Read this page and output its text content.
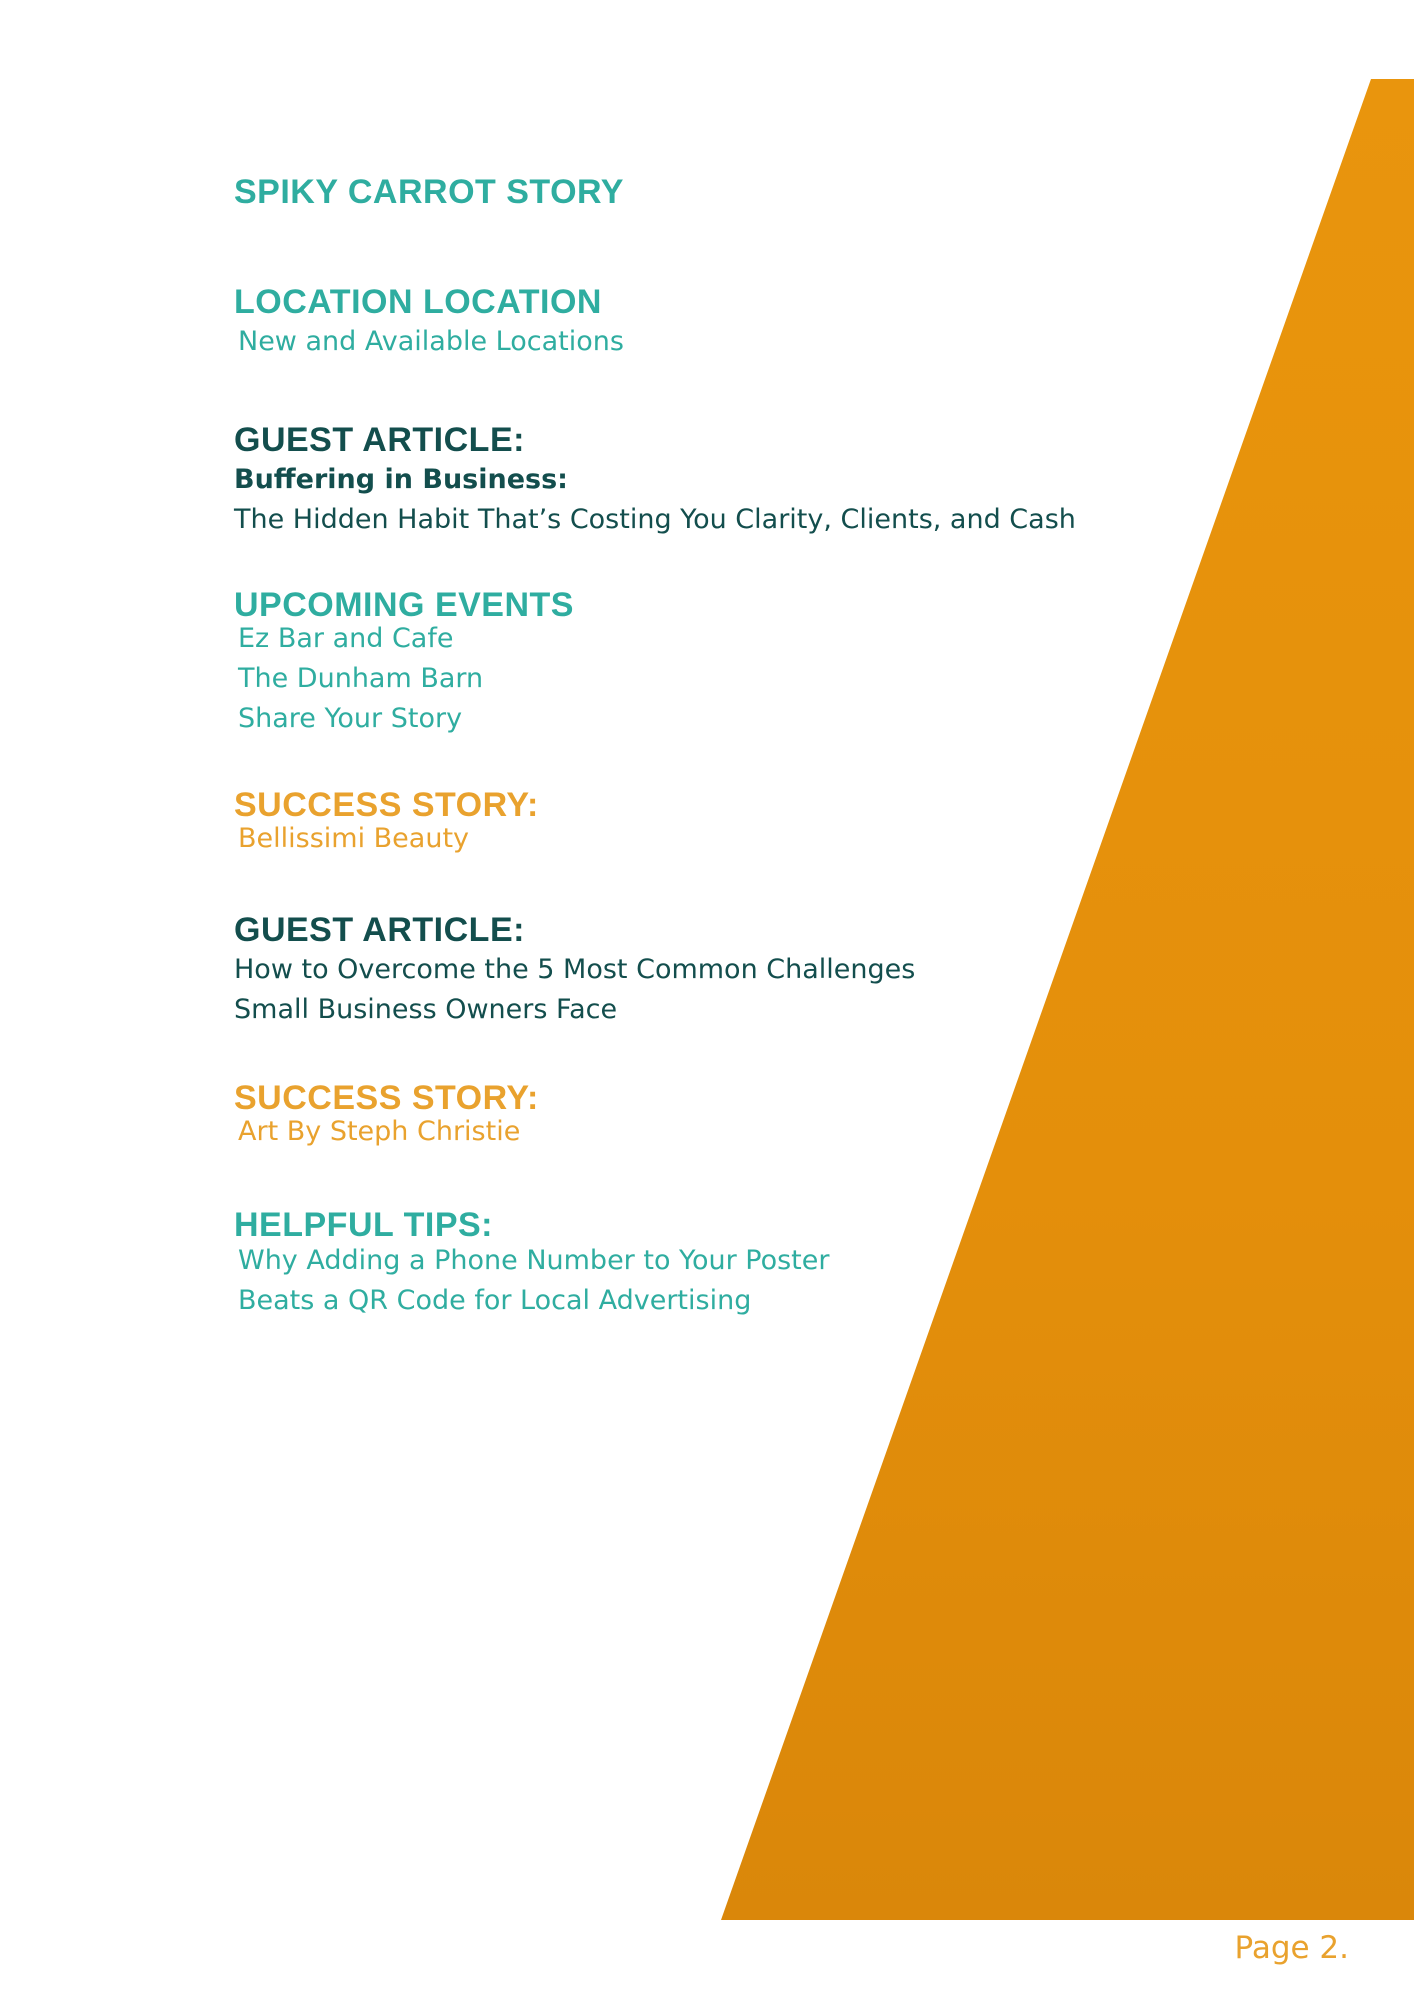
SPIKY CARROT STORY
LOCATION LOCATION
New and Available Locations
GUEST ARTICLE:
Buffering in Business:
The Hidden Habit That’s Costing You Clarity, Clients, and Cash
UPCOMING EVENTS
Ez Bar and Cafe
The Dunham Barn
Share Your Story
SUCCESS STORY:
Bellissimi Beauty
GUEST ARTICLE:
How to Overcome the 5 Most Common Challenges
Small Business Owners Face
SUCCESS STORY:
Art By Steph Christie
HELPFUL TIPS:
Why Adding a Phone Number to Your Poster
Beats a QR Code for Local Advertising
Page 2.
